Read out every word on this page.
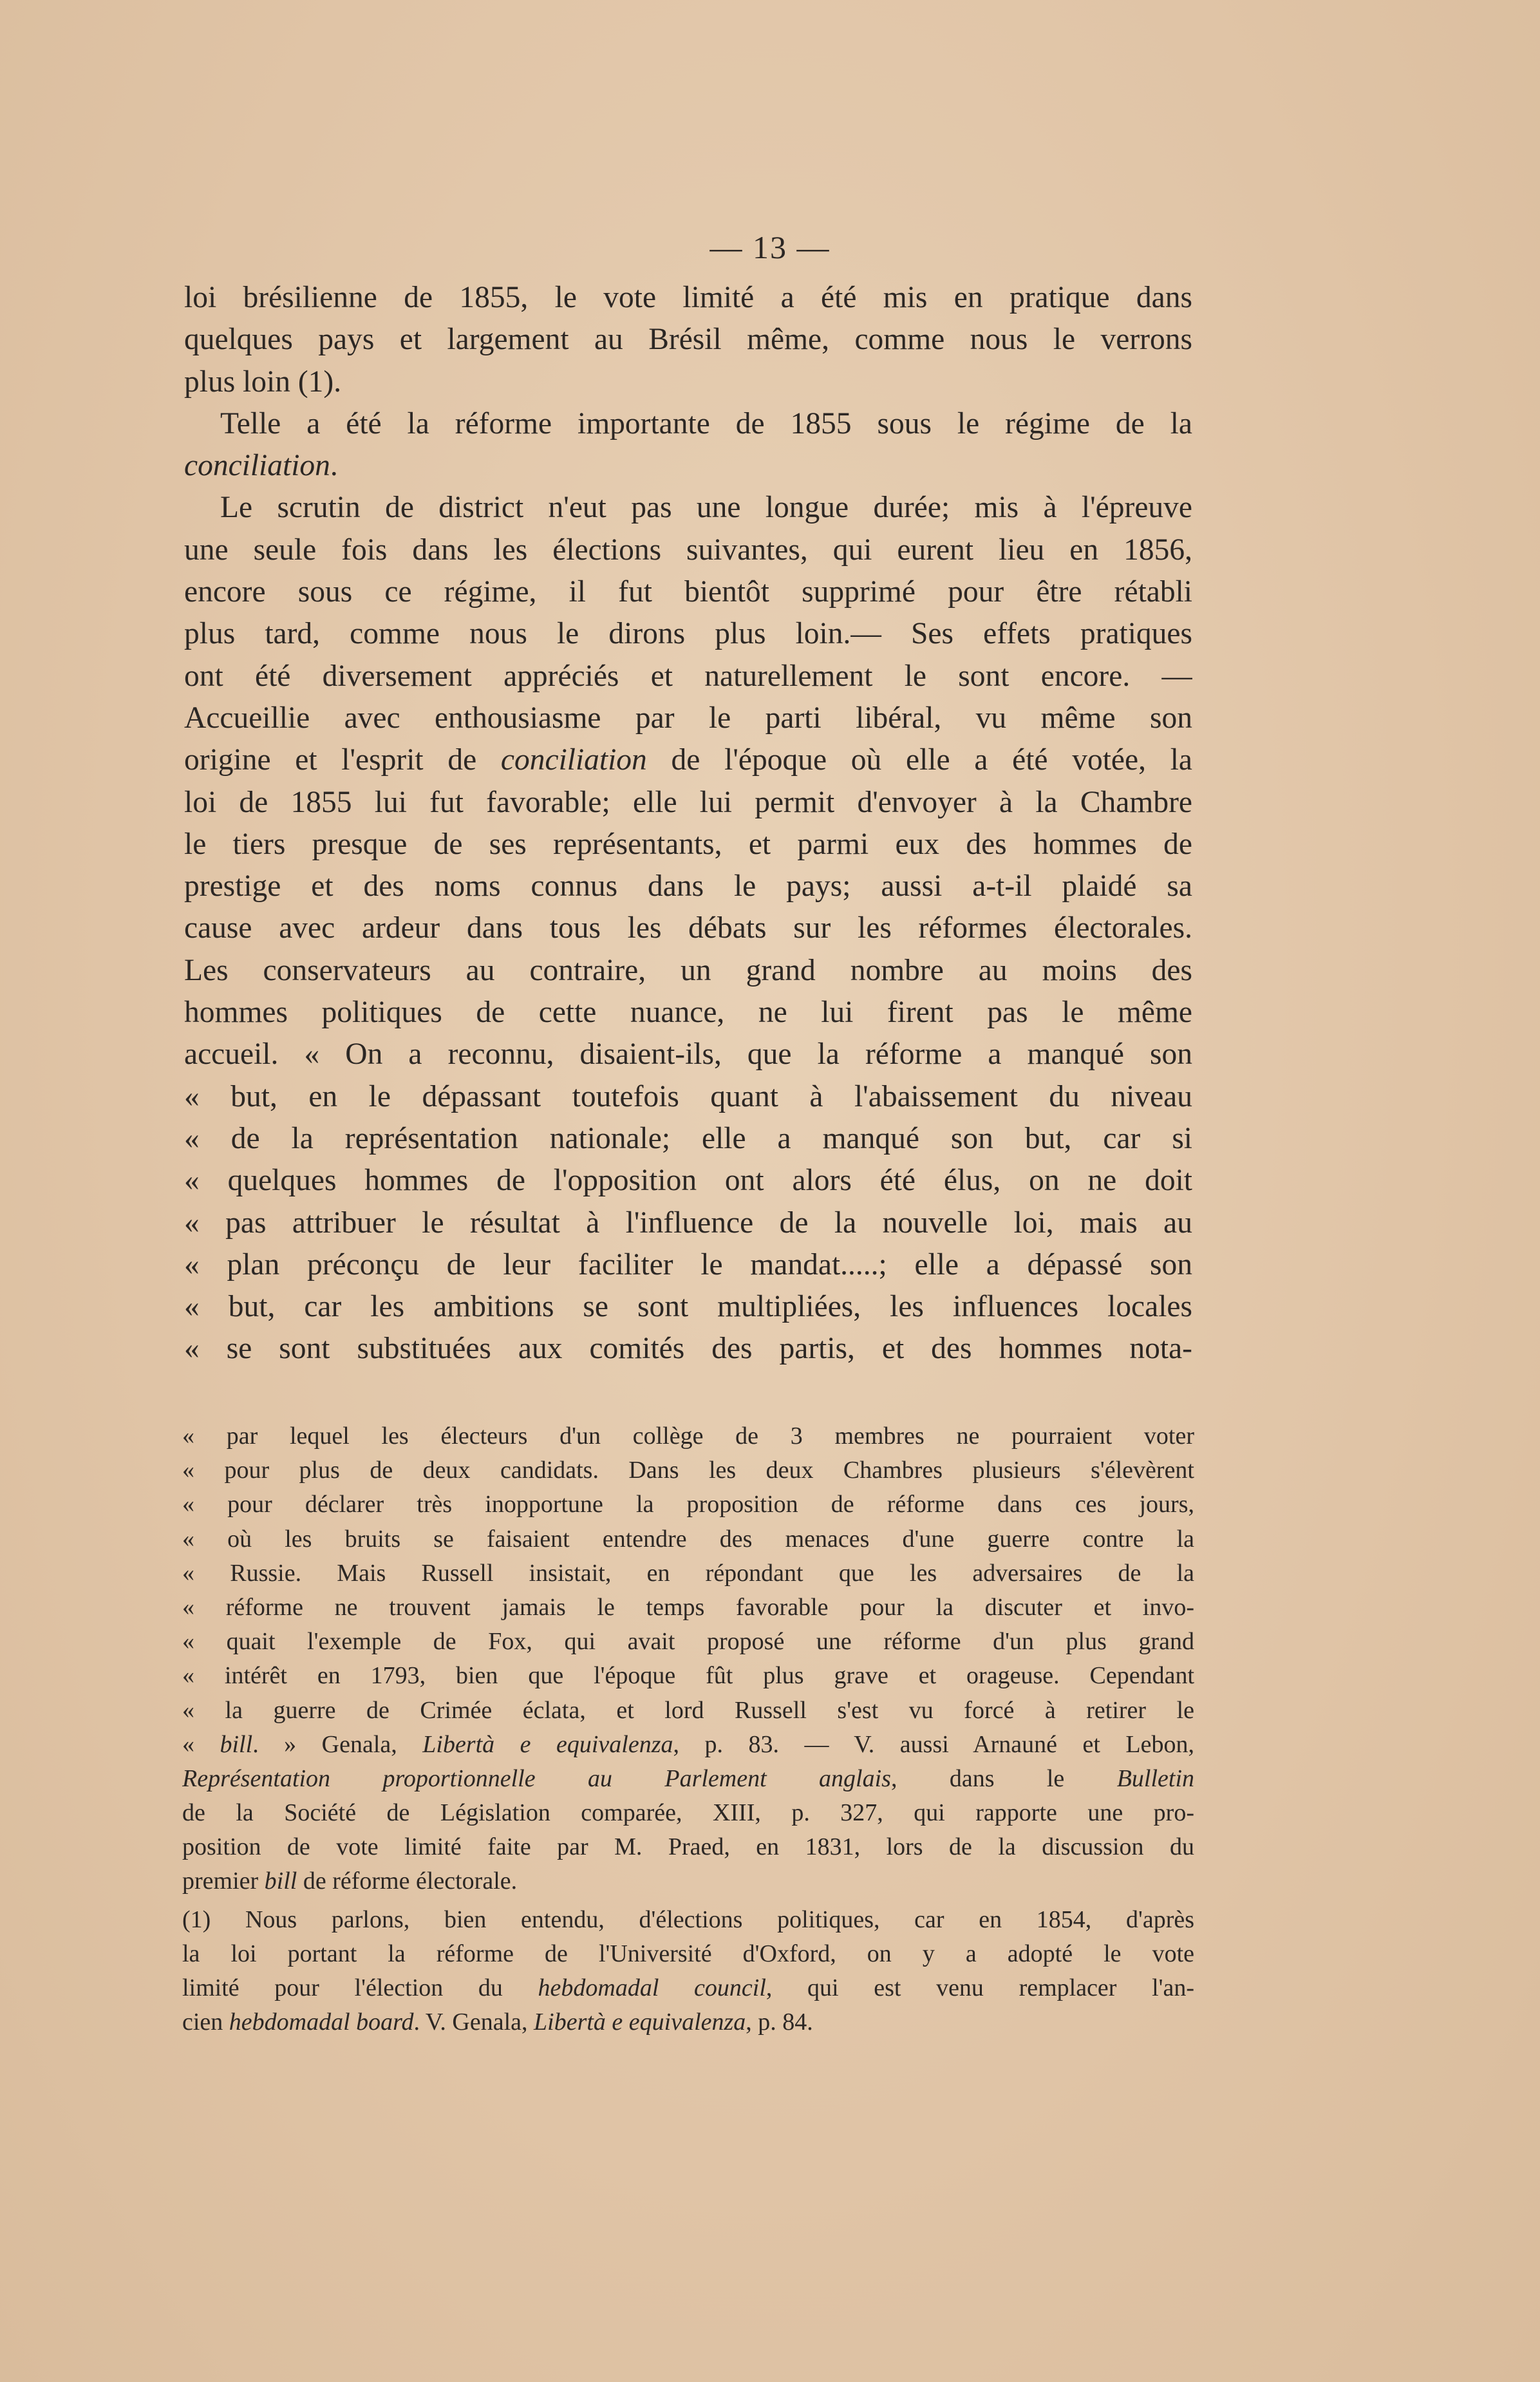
— 13 —
loi brésilienne de 1855, le vote limité a été mis en pratique dans
quelques pays et largement au Brésil même, comme nous le verrons
plus loin (1).
Telle a été la réforme importante de 1855 sous le régime de la
conciliation.
Le scrutin de district n'eut pas une longue durée; mis à l'épreuve
une seule fois dans les élections suivantes, qui eurent lieu en 1856,
encore sous ce régime, il fut bientôt supprimé pour être rétabli
plus tard, comme nous le dirons plus loin.— Ses effets pratiques
ont été diversement appréciés et naturellement le sont encore. —
Accueillie avec enthousiasme par le parti libéral, vu même son
origine et l'esprit de conciliation de l'époque où elle a été votée, la
loi de 1855 lui fut favorable; elle lui permit d'envoyer à la Chambre
le tiers presque de ses représentants, et parmi eux des hommes de
prestige et des noms connus dans le pays; aussi a-t-il plaidé sa
cause avec ardeur dans tous les débats sur les réformes électorales.
Les conservateurs au contraire, un grand nombre au moins des
hommes politiques de cette nuance, ne lui firent pas le même
accueil. « On a reconnu, disaient-ils, que la réforme a manqué son
« but, en le dépassant toutefois quant à l'abaissement du niveau
« de la représentation nationale; elle a manqué son but, car si
« quelques hommes de l'opposition ont alors été élus, on ne doit
« pas attribuer le résultat à l'influence de la nouvelle loi, mais au
« plan préconçu de leur faciliter le mandat.....; elle a dépassé son
« but, car les ambitions se sont multipliées, les influences locales
« se sont substituées aux comités des partis, et des hommes nota-
« par lequel les électeurs d'un collège de 3 membres ne pourraient voter
« pour plus de deux candidats. Dans les deux Chambres plusieurs s'élevèrent
« pour déclarer très inopportune la proposition de réforme dans ces jours,
« où les bruits se faisaient entendre des menaces d'une guerre contre la
« Russie. Mais Russell insistait, en répondant que les adversaires de la
« réforme ne trouvent jamais le temps favorable pour la discuter et invo-
« quait l'exemple de Fox, qui avait proposé une réforme d'un plus grand
« intérêt en 1793, bien que l'époque fût plus grave et orageuse. Cependant
« la guerre de Crimée éclata, et lord Russell s'est vu forcé à retirer le
« bill. » Genala, Libertà e equivalenza, p. 83. — V. aussi Arnauné et Lebon,
Représentation proportionnelle au Parlement anglais, dans le Bulletin
de la Société de Législation comparée, XIII, p. 327, qui rapporte une pro-
position de vote limité faite par M. Praed, en 1831, lors de la discussion du
premier bill de réforme électorale.
(1) Nous parlons, bien entendu, d'élections politiques, car en 1854, d'après
la loi portant la réforme de l'Université d'Oxford, on y a adopté le vote
limité pour l'élection du hebdomadal council, qui est venu remplacer l'an-
cien hebdomadal board. V. Genala, Libertà e equivalenza, p. 84.
